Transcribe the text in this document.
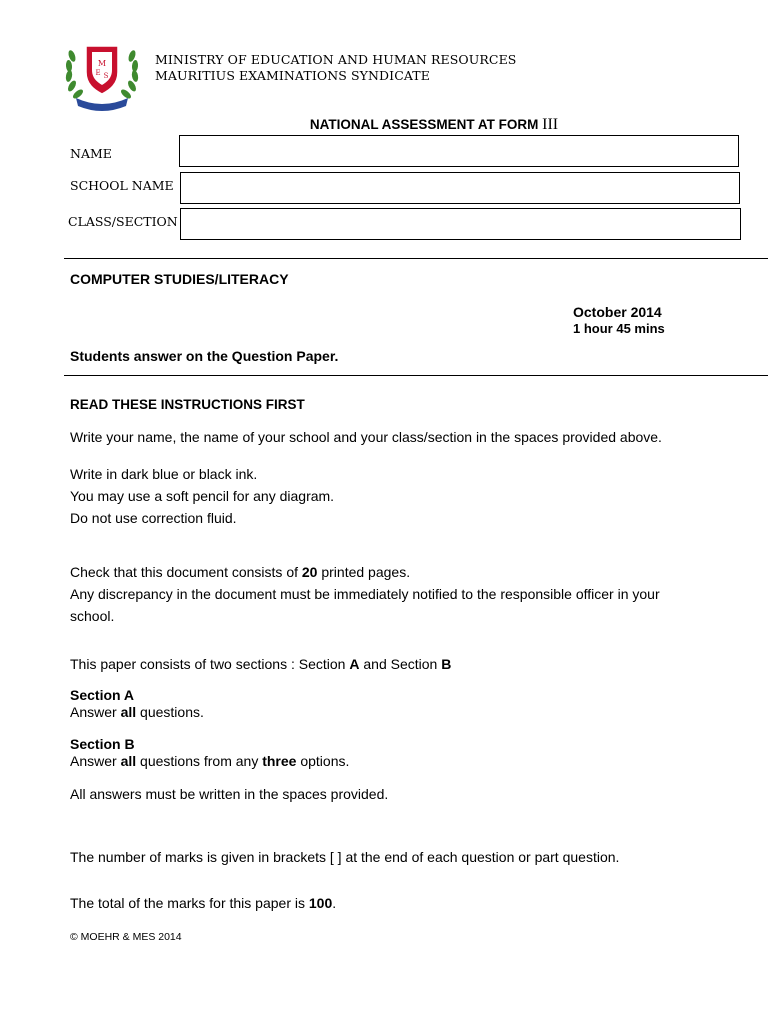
M
E S
MINISTRY OF EDUCATION AND HUMAN RESOURCES
MAURITIUS EXAMINATIONS SYNDICATE
NATIONAL ASSESSMENT AT FORM III
NAME
SCHOOL NAME
CLASS/SECTION
COMPUTER STUDIES/LITERACY
October 2014
1 hour 45 mins
Students answer on the Question Paper.
READ THESE INSTRUCTIONS FIRST
Write your name, the name of your school and your class/section in the spaces provided above.
Write in dark blue or black ink.
You may use a soft pencil for any diagram.
Do not use correction fluid.
Check that this document consists of 20 printed pages.
Any discrepancy in the document must be immediately notified to the responsible officer in your
school.
This paper consists of two sections : Section A and Section B
Section A
Answer all questions.
Section B
Answer all questions from any three options.
All answers must be written in the spaces provided.
The number of marks is given in brackets [ ] at the end of each question or part question.
The total of the marks for this paper is 100.
© MOEHR & MES 2014
